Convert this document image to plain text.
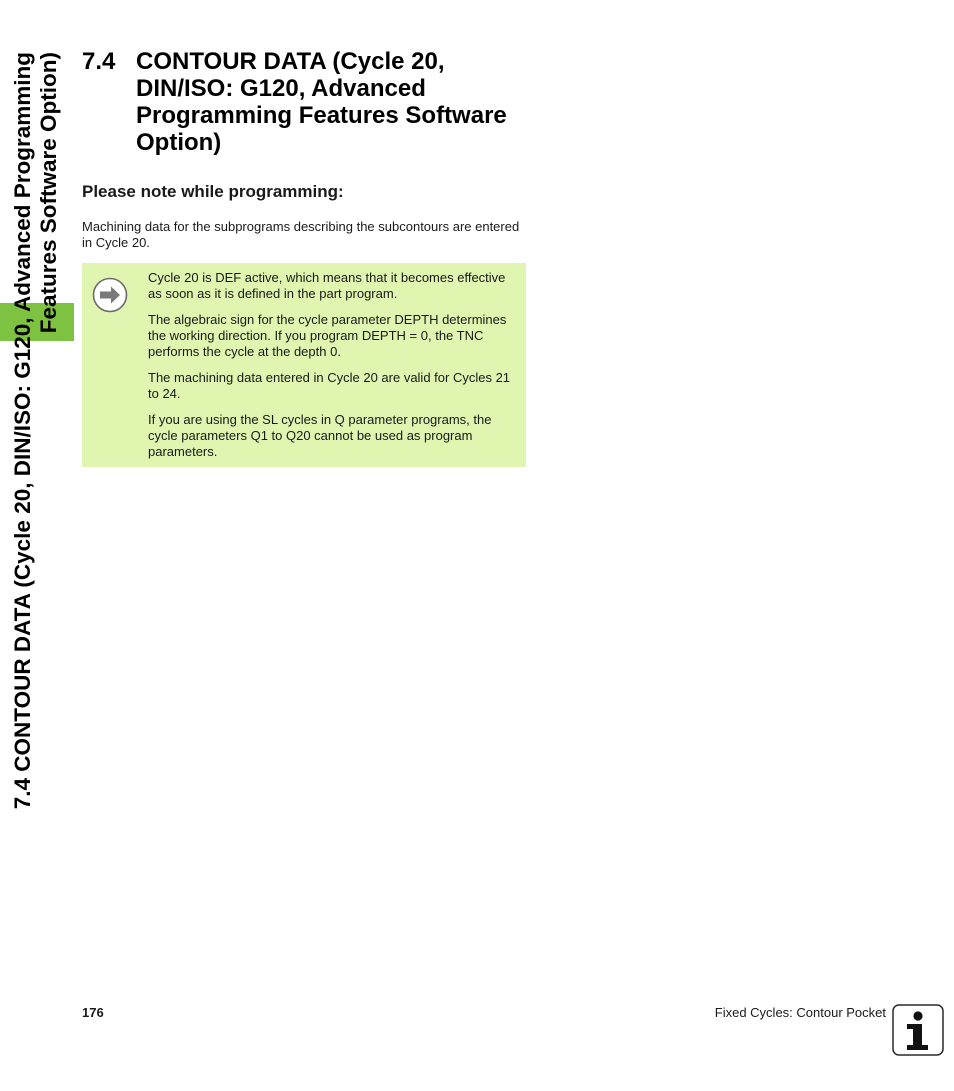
7.4 CONTOUR DATA (Cycle 20, DIN/ISO: G120, Advanced Programming Features Software Option) 7.4 CONTOUR DATA (Cycle 20, DIN/ISO: G120, Advanced Programming Features Software Option)
Please note while programming:

Machining data for the subprograms describing the subcontours are entered in Cycle 20.

Cycle 20 is DEF active, which means that it becomes effective as soon as it is defined in the part program.

The algebraic sign for the cycle parameter DEPTH determines the working direction. If you program DEPTH = 0, the TNC performs the cycle at the depth 0.

The machining data entered in Cycle 20 are valid for Cycles 21 to 24.

If you are using the SL cycles in Q parameter programs, the cycle parameters Q1 to Q20 cannot be used as program parameters.

176	Fixed Cycles: Contour Pocket
